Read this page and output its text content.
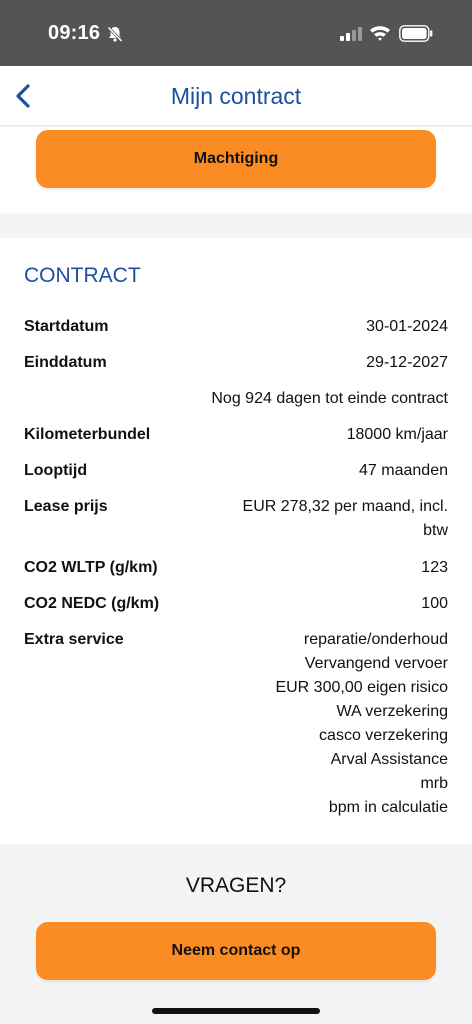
09:16
Mijn contract
Machtiging
CONTRACT
Startdatum	30-01-2024
Einddatum	29-12-2027
Nog 924 dagen tot einde contract
Kilometerbundel	18000 km/jaar
Looptijd	47 maanden
Lease prijs	EUR 278,32 per maand, incl.
btw
CO2 WLTP (g/km)	123
CO2 NEDC (g/km)	100
Extra service	reparatie/onderhoud
Vervangend vervoer
EUR 300,00 eigen risico
WA verzekering
casco verzekering
Arval Assistance
mrb
bpm in calculatie
VRAGEN?
Neem contact op
